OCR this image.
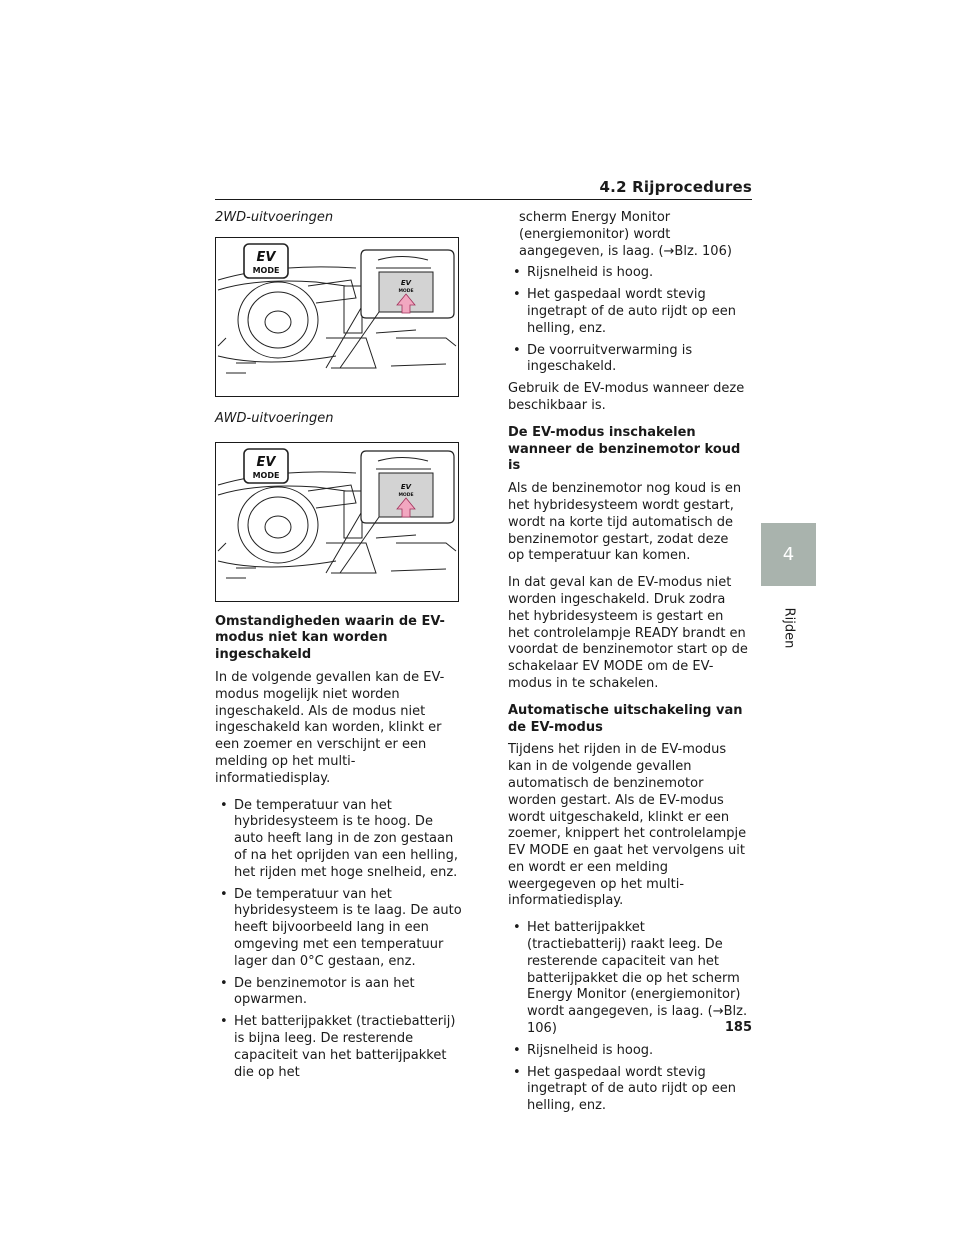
4.2 Rijprocedures
4
Rijden
2WD-uitvoeringen
EV
MODE
EV
MODE
AWD-uitvoeringen
EV
MODE
EV
MODE
Omstandigheden waarin de EV-modus niet kan worden ingeschakeld

In de volgende gevallen kan de EV-modus mogelijk niet worden ingeschakeld. Als de modus niet ingeschakeld kan worden, klinkt er een zoemer en verschijnt er een melding op het multi-informatiedisplay.

• De temperatuur van het hybridesysteem is te hoog. De auto heeft lang in de zon gestaan of na het oprijden van een helling, het rijden met hoge snelheid, enz.
• De temperatuur van het hybridesysteem is te laag. De auto heeft bijvoorbeeld lang in een omgeving met een temperatuur lager dan 0°C gestaan, enz.
• De benzinemotor is aan het opwarmen.
• Het batterijpakket (tractiebatterij) is bijna leeg. De resterende capaciteit van het batterijpakket die op het

scherm Energy Monitor (energiemonitor) wordt aangegeven, is laag. (→Blz. 106)

• Rijsnelheid is hoog.
• Het gaspedaal wordt stevig ingetrapt of de auto rijdt op een helling, enz.
• De voorruitverwarming is ingeschakeld.

Gebruik de EV-modus wanneer deze beschikbaar is.

De EV-modus inschakelen wanneer de benzinemotor koud is

Als de benzinemotor nog koud is en het hybridesysteem wordt gestart, wordt na korte tijd automatisch de benzinemotor gestart, zodat deze op temperatuur kan komen.

In dat geval kan de EV-modus niet worden ingeschakeld. Druk zodra het hybridesysteem is gestart en het controlelampje READY brandt en voordat de benzinemotor start op de schakelaar EV MODE om de EV-modus in te schakelen.

Automatische uitschakeling van de EV-modus

Tijdens het rijden in de EV-modus kan in de volgende gevallen automatisch de benzinemotor worden gestart. Als de EV-modus wordt uitgeschakeld, klinkt er een zoemer, knippert het controlelampje EV MODE en gaat het vervolgens uit en wordt er een melding weergegeven op het multi-informatiedisplay.

• Het batterijpakket (tractiebatterij) raakt leeg. De resterende capaciteit van het batterijpakket die op het scherm Energy Monitor (energiemonitor) wordt aangegeven, is laag. (→Blz. 106)
• Rijsnelheid is hoog.
• Het gaspedaal wordt stevig ingetrapt of de auto rijdt op een helling, enz.
185
